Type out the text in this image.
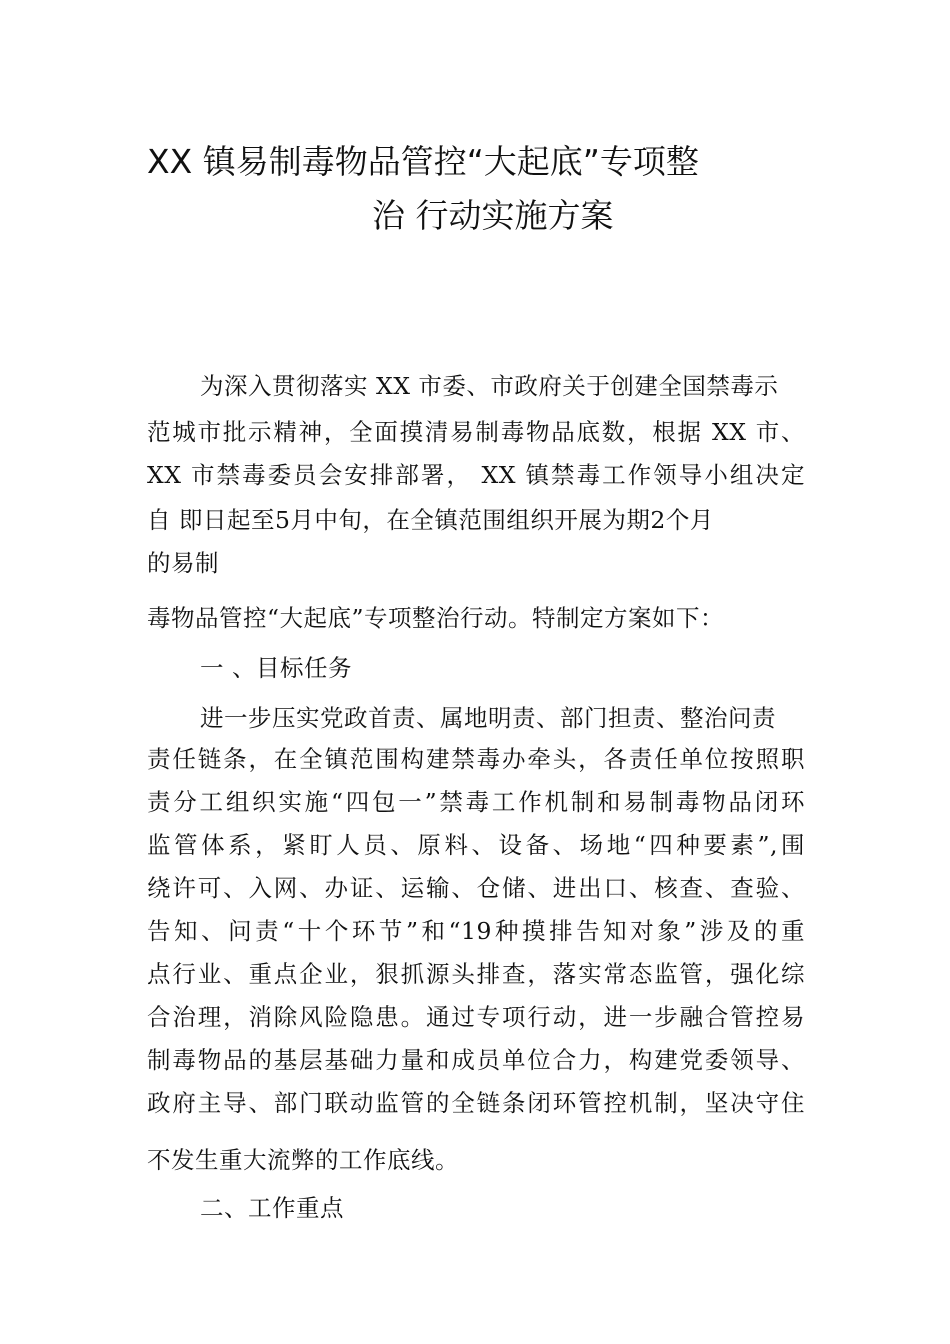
XX 镇易制毒物品管控“大起底”专项整
治 行动实施方案

为深入贯彻落实 XX 市委、市政府关于创建全国禁毒示

范城市批示精神，全面摸清易制毒物品底数，根据 XX 市、

XX 市禁毒委员会安排部署， XX 镇禁毒工作领导小组决定

自 即日起至5月中旬，在全镇范围组织开展为期2个月

的易制

毒物品管控“大起底”专项整治行动。特制定方案如下：

一 、目标任务

进一步压实党政首责、属地明责、部门担责、整治问责

责任链条，在全镇范围构建禁毒办牵头，各责任单位按照职

责分工组织实施“四包一”禁毒工作机制和易制毒物品闭环

监管体系，紧盯人员、原料、设备、场地“四种要素”,围

绕许可、入网、办证、运输、仓储、进出口、核查、查验、

告知、问责“十个环节”和“19种摸排告知对象”涉及的重

点行业、重点企业，狠抓源头排查，落实常态监管，强化综

合治理，消除风险隐患。通过专项行动，进一步融合管控易

制毒物品的基层基础力量和成员单位合力，构建党委领导、

政府主导、部门联动监管的全链条闭环管控机制，坚决守住

不发生重大流弊的工作底线。

二、工作重点
